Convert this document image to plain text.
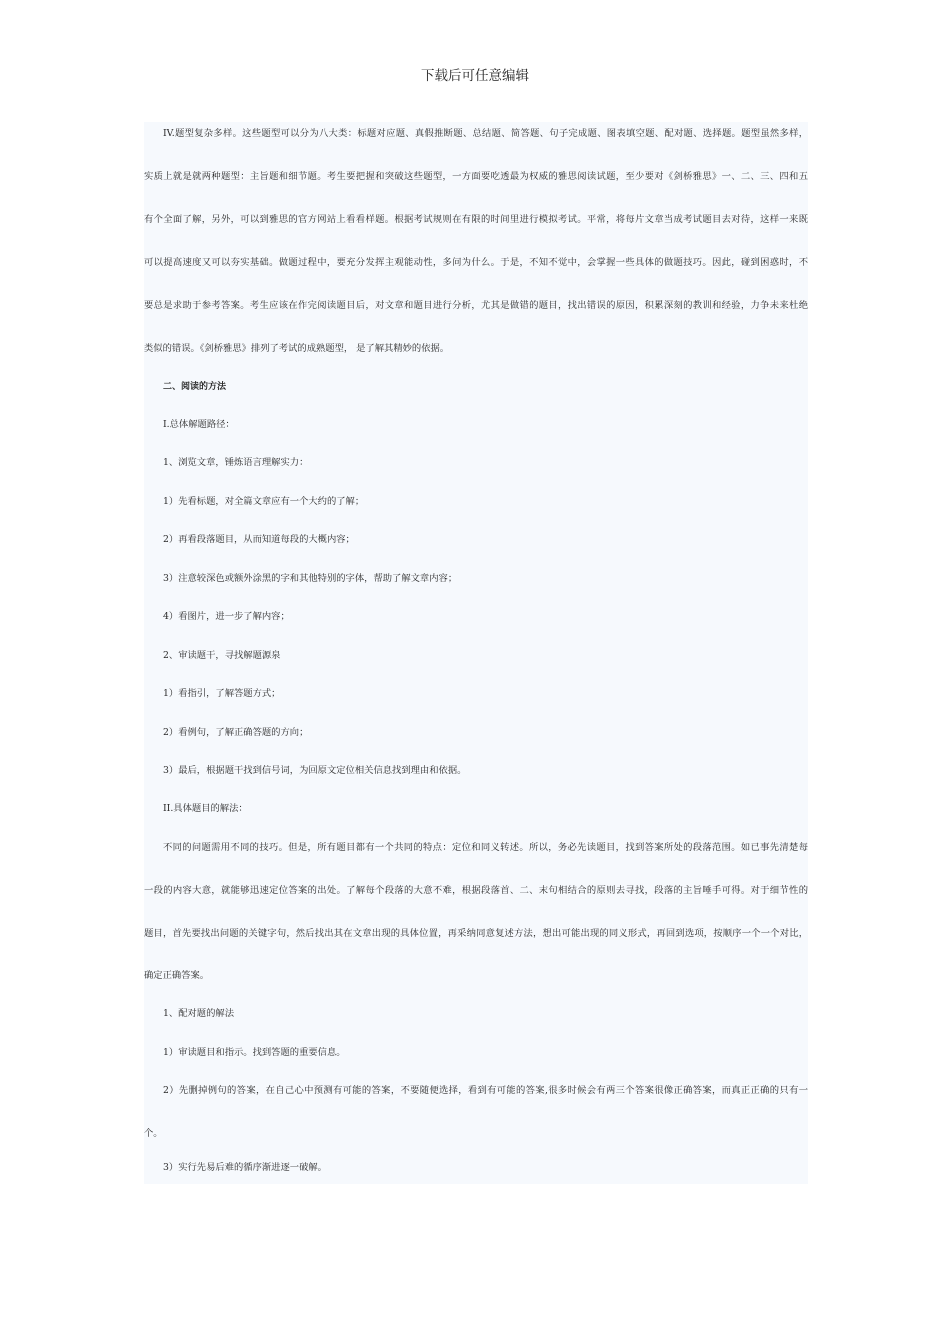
下载后可任意编辑
IV.题型复杂多样。这些题型可以分为八大类：标题对应题、真假推断题、总结题、简答题、句子完成题、图表填空题、配对题、选择题。题型虽然多样，
实质上就是就两种题型：主旨题和细节题。考生要把握和突破这些题型，一方面要吃透最为权威的雅思阅读试题，至少要对《剑桥雅思》一、二、三、四和五
有个全面了解，另外，可以到雅思的官方网站上看看样题。根据考试规则在有限的时间里进行模拟考试。平常，将每片文章当成考试题目去对待，这样一来既
可以提高速度又可以夯实基础。做题过程中，要充分发挥主观能动性，多问为什么。于是，不知不觉中，会掌握一些具体的做题技巧。因此，碰到困惑时，不
要总是求助于参考答案。考生应该在作完阅读题目后，对文章和题目进行分析，尤其是做错的题目，找出错误的原因，积累深刻的教训和经验，力争未来杜绝
类似的错误。《剑桥雅思》排列了考试的成熟题型， 是了解其精妙的依据。
二、阅读的方法
I.总体解题路径：
1、浏览文章，锤炼语言理解实力：
1）先看标题，对全篇文章应有一个大约的了解；
2）再看段落题目，从而知道每段的大概内容；
3）注意较深色或额外涂黑的字和其他特别的字体，帮助了解文章内容；
4）看图片，进一步了解内容；
2、审读题干，寻找解题源泉
1）看指引，了解答题方式；
2）看例句，了解正确答题的方向；
3）最后，根据题干找到信号词，为回原文定位相关信息找到理由和依据。
II.具体题目的解法：
不同的问题需用不同的技巧。但是，所有题目都有一个共同的特点：定位和同义转述。所以，务必先读题目，找到答案所处的段落范围。如已事先清楚每
一段的内容大意，就能够迅速定位答案的出处。了解每个段落的大意不难，根据段落首、二、末句相结合的原则去寻找，段落的主旨唾手可得。对于细节性的
题目，首先要找出问题的关键字句，然后找出其在文章出现的具体位置，再采纳同意复述方法，想出可能出现的同义形式，再回到选项，按顺序一个一个对比，
确定正确答案。
1、配对题的解法
1）审读题目和指示。找到答题的重要信息。
2）先删掉例句的答案，在自己心中预测有可能的答案，不要随便选择，看到有可能的答案,很多时候会有两三个答案很像正确答案，而真正正确的只有一
个。
3）实行先易后难的循序渐进逐一破解。
